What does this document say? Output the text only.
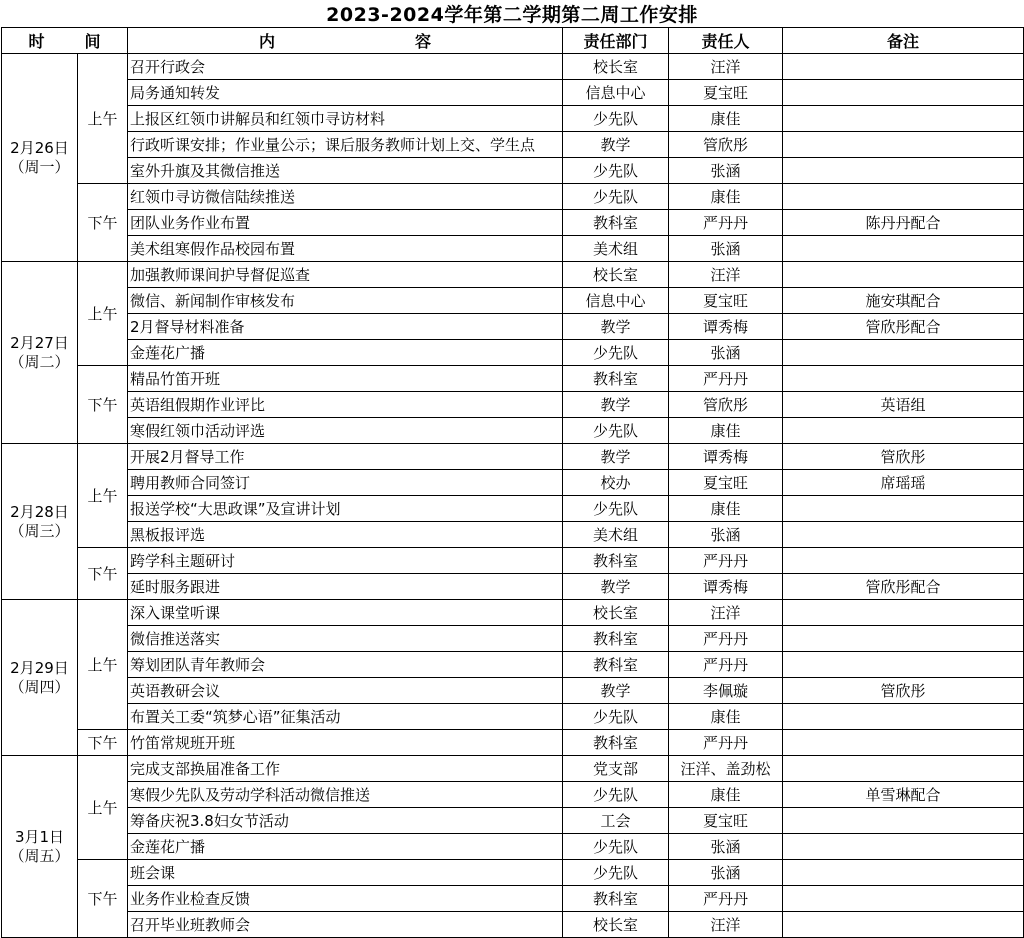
2023-2024学年第二学期第二周工作安排
时 间		内 容	责任部门	责任人	备注

2月26日
（周一）	上午	召开行政会	校长室	汪洋	
		局务通知转发	信息中心	夏宝旺	
		上报区红领巾讲解员和红领巾寻访材料	少先队	康佳	
		行政听课安排；作业量公示；课后服务教师计划上交、学生点	教学	管欣彤	
		室外升旗及其微信推送	少先队	张涵	
	下午	红领巾寻访微信陆续推送	少先队	康佳	
		团队业务作业布置	教科室	严丹丹	陈丹丹配合
		美术组寒假作品校园布置	美术组	张涵	

2月27日
（周二）	上午	加强教师课间护导督促巡查	校长室	汪洋	
		微信、新闻制作审核发布	信息中心	夏宝旺	施安琪配合
		2月督导材料准备	教学	谭秀梅	管欣彤配合
		金莲花广播	少先队	张涵	
	下午	精品竹笛开班	教科室	严丹丹	
		英语组假期作业评比	教学	管欣彤	英语组
		寒假红领巾活动评选	少先队	康佳	

2月28日
（周三）	上午	开展2月督导工作	教学	谭秀梅	管欣彤
		聘用教师合同签订	校办	夏宝旺	席瑶瑶
		报送学校“大思政课”及宣讲计划	少先队	康佳	
		黑板报评选	美术组	张涵	
	下午	跨学科主题研讨	教科室	严丹丹	
		延时服务跟进	教学	谭秀梅	管欣彤配合

2月29日
（周四）	上午	深入课堂听课	校长室	汪洋	
		微信推送落实	教科室	严丹丹	
		筹划团队青年教师会	教科室	严丹丹	
		英语教研会议	教学	李佩璇	管欣彤
		布置关工委“筑梦心语”征集活动	少先队	康佳	
	下午	竹笛常规班开班	教科室	严丹丹	

3月1日
（周五）	上午	完成支部换届准备工作	党支部	汪洋、盖劲松	
		寒假少先队及劳动学科活动微信推送	少先队	康佳	单雪琳配合
		筹备庆祝3.8妇女节活动	工会	夏宝旺	
		金莲花广播	少先队	张涵	
	下午	班会课	少先队	张涵	
		业务作业检查反馈	教科室	严丹丹	
		召开毕业班教师会	校长室	汪洋	
